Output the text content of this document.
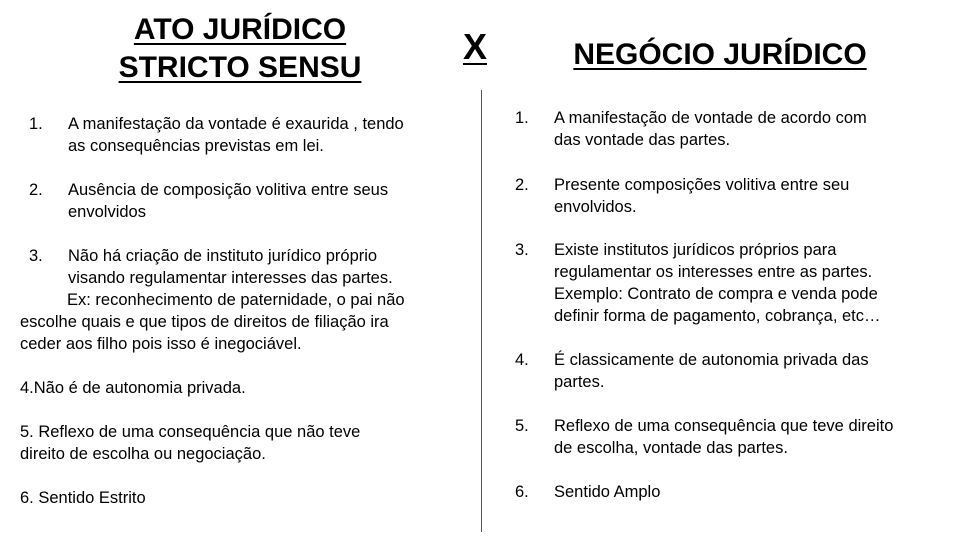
ATO JURÍDICO
STRICTO SENSU
X	NEGÓCIO JURÍDICO
1. A manifestação da vontade é exaurida , tendo

as consequências previstas em lei.

2. Ausência de composição volitiva entre seus

envolvidos

3. Não há criação de instituto jurídico próprio

visando regulamentar interesses das partes.

Ex: reconhecimento de paternidade, o pai não

escolhe quais e que tipos de direitos de filiação ira

ceder aos filho pois isso é inegociável.

4.Não é de autonomia privada.

5. Reflexo de uma consequência que não teve

direito de escolha ou negociação.

6. Sentido Estrito

1. A manifestação de vontade de acordo com

das vontade das partes.

2. Presente composições volitiva entre seu

envolvidos.

3. Existe institutos jurídicos próprios para

regulamentar os interesses entre as partes.

Exemplo: Contrato de compra e venda pode

definir forma de pagamento, cobrança, etc…

4. É classicamente de autonomia privada das

partes.

5. Reflexo de uma consequência que teve direito

de escolha, vontade das partes.

6. Sentido Amplo
